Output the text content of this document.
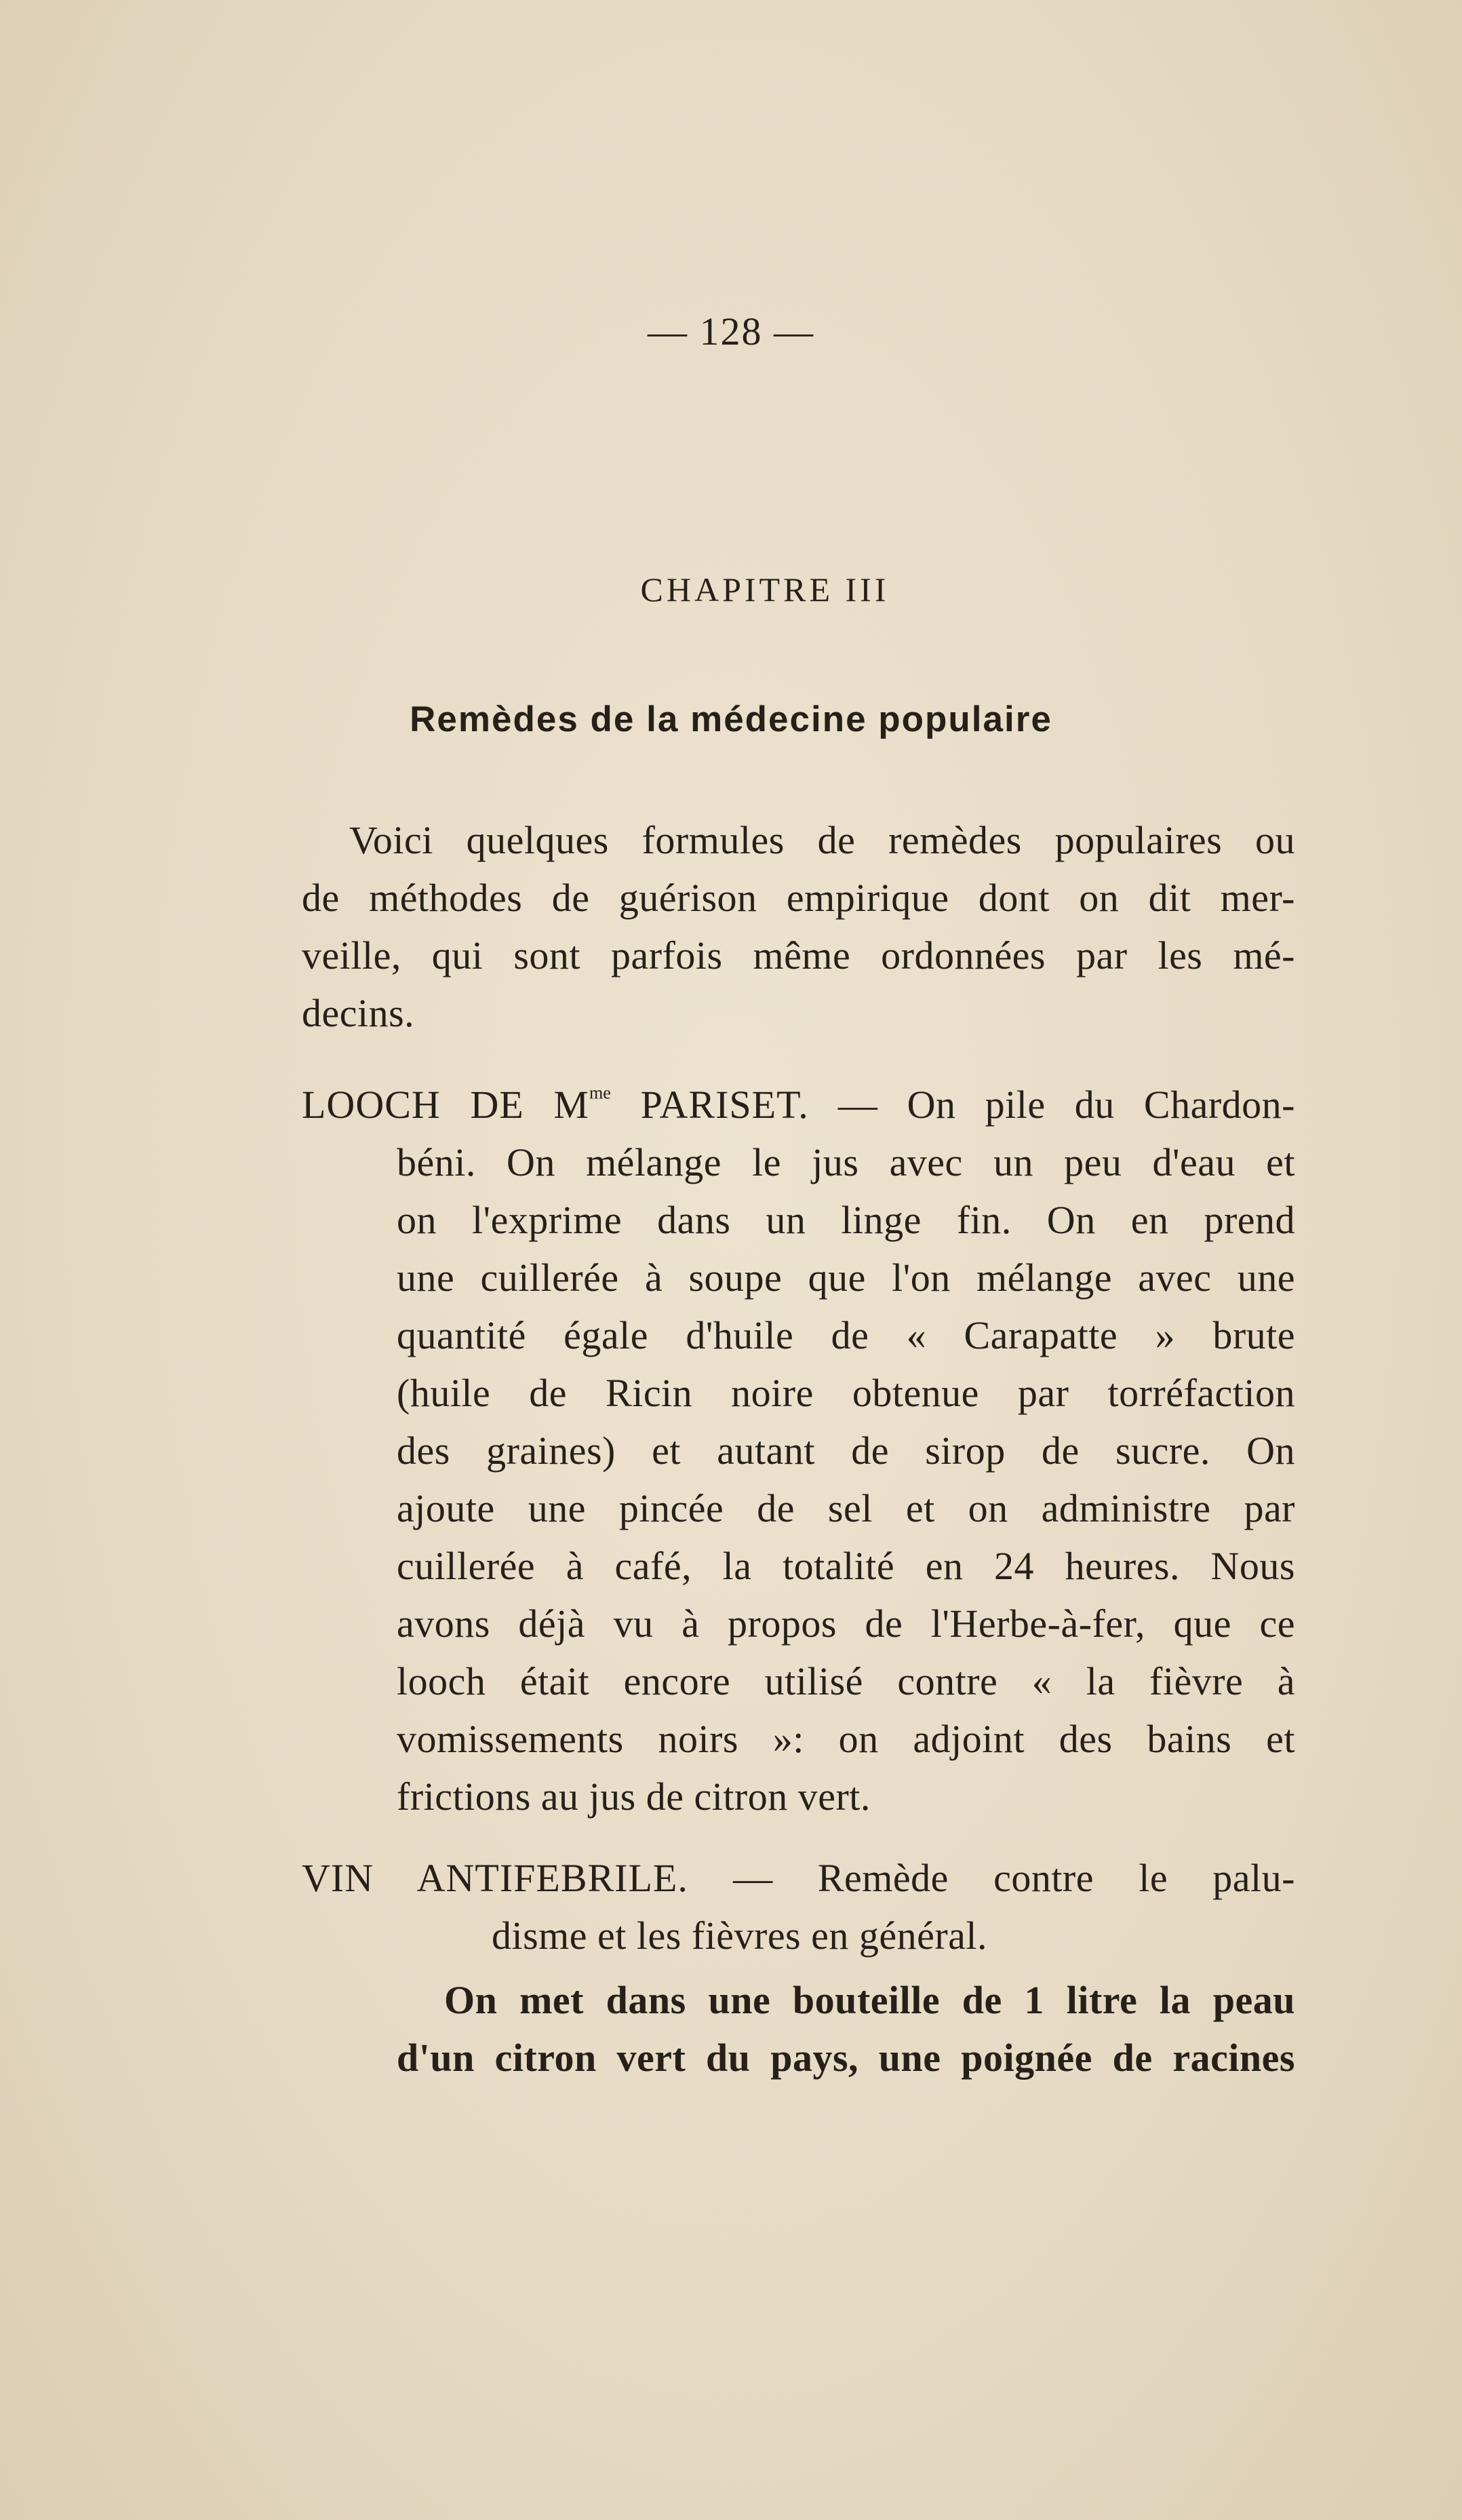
— 128 —
CHAPITRE III
Remèdes de la médecine populaire
Voici quelques formules de remèdes populaires ou
de méthodes de guérison empirique dont on dit mer-
veille, qui sont parfois même ordonnées par les mé-
decins.
LOOCH DE $M^{me}$ PARISET. — On pile du Chardon-
béni. On mélange le jus avec un peu d'eau et
on l'exprime dans un linge fin. On en prend
une cuillerée à soupe que l'on mélange avec une
quantité égale d'huile de « Carapatte » brute
(huile de Ricin noire obtenue par torréfaction
des graines) et autant de sirop de sucre. On
ajoute une pincée de sel et on administre par
cuillerée à café, la totalité en 24 heures. Nous
avons déjà vu à propos de l'Herbe-à-fer, que ce
looch était encore utilisé contre « la fièvre à
vomissements noirs »: on adjoint des bains et
frictions au jus de citron vert.
VIN ANTIFEBRILE. — Remède contre le palu-
disme et les fièvres en général.
On met dans une bouteille de 1 litre la peau
d'un citron vert du pays, une poignée de racines
